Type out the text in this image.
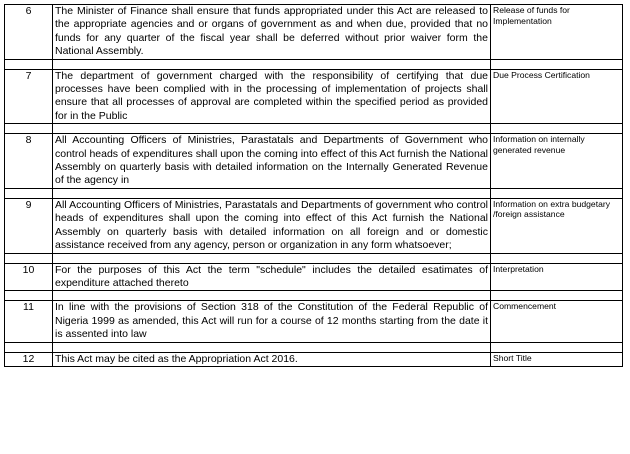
6	The Minister of Finance shall ensure that funds appropriated under this Act are released to the appropriate agencies and or organs of government as and when due, provided that no funds for any quarter of the fiscal year shall be deferred without prior waiver form the National Assembly.	Release of funds for Implementation

7	The department of government charged with the responsibility of certifying that due processes have been complied with in the processing of implementation of projects shall ensure that all processes of approval are completed within the specified period as provided for in the Public	Due Process Certification

8	All Accounting Officers of Ministries, Parastatals and Departments of Government who control heads of expenditures shall upon the coming into effect of this Act furnish the National Assembly on quarterly basis with detailed information on the Internally Generated Revenue of the agency in	Information on internally generated revenue

9	All Accounting Officers of Ministries, Parastatals and Departments of government who control heads of expenditures shall upon the coming into effect of this Act furnish the National Assembly on quarterly basis with detailed information on all foreign and or domestic assistance received from any agency, person or organization in any form whatsoever;	Information on extra budgetary /foreign assistance

10	For the purposes of this Act the term "schedule" includes the detailed esatimates of expenditure attached thereto	Interpretation

11	In line with the provisions of Section 318 of the Constitution of the Federal Republic of Nigeria 1999 as amended, this Act will run for a course of 12 months starting from the date it is assented into law	Commencement

12	This Act may be cited as the Appropriation Act 2016.	Short Title
